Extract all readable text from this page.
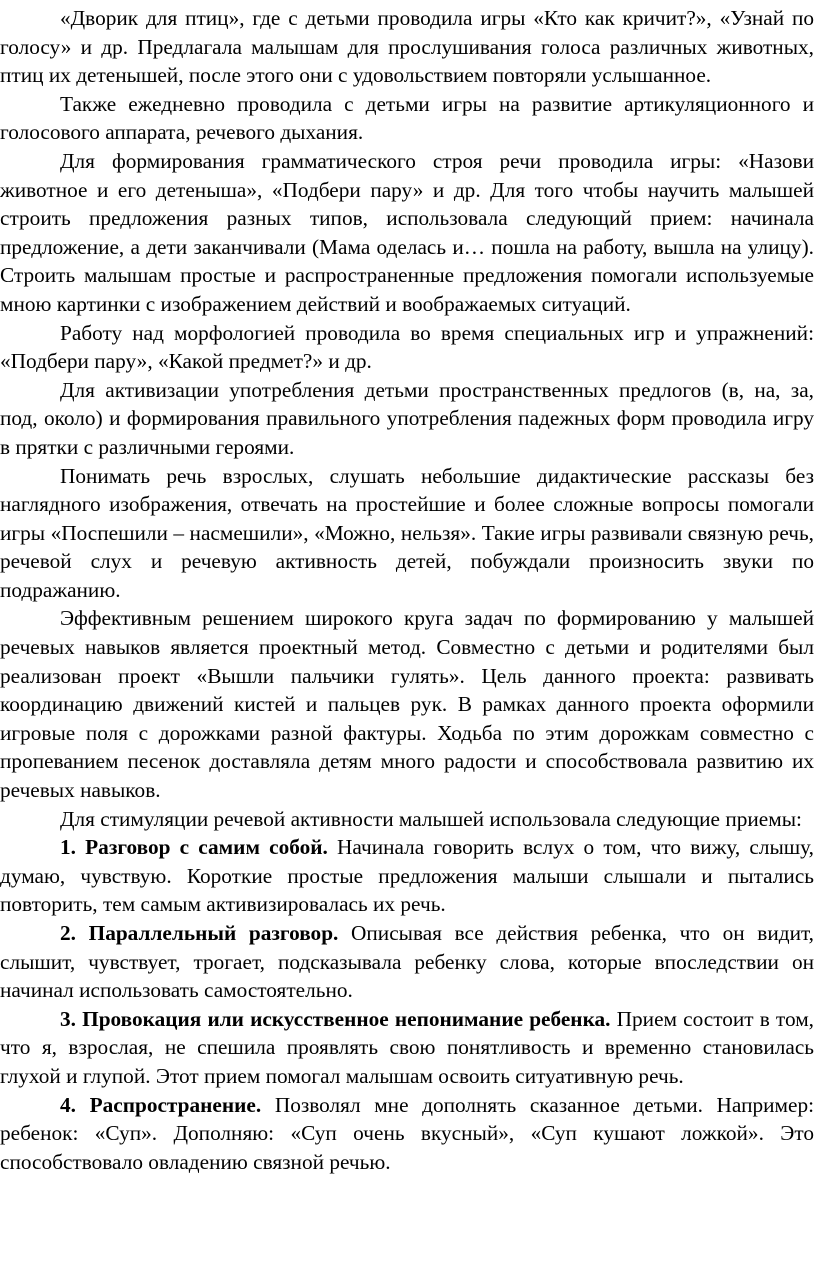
«Дворик для птиц», где с детьми проводила игры «Кто как кричит?», «Узнай по голосу» и др. Предлагала малышам для прослушивания голоса различных животных, птиц их детенышей, после этого они с удовольствием повторяли услышанное.

Также ежедневно проводила с детьми игры на развитие артикуляционного и голосового аппарата, речевого дыхания.

Для формирования грамматического строя речи проводила игры: «Назови животное и его детеныша», «Подбери пару» и др. Для того чтобы научить малышей строить предложения разных типов, использовала следующий прием: начинала предложение, а дети заканчивали (Мама оделась и… пошла на работу, вышла на улицу). Строить малышам простые и распространенные предложения помогали используемые мною картинки с изображением действий и воображаемых ситуаций.

Работу над морфологией проводила во время специальных игр и упражнений: «Подбери пару», «Какой предмет?» и др.

Для активизации употребления детьми пространственных предлогов (в, на, за, под, около) и формирования правильного употребления падежных форм проводила игру в прятки с различными героями.

Понимать речь взрослых, слушать небольшие дидактические рассказы без наглядного изображения, отвечать на простейшие и более сложные вопросы помогали игры «Поспешили – насмешили», «Можно, нельзя». Такие игры развивали связную речь, речевой слух и речевую активность детей, побуждали произносить звуки по подражанию.

Эффективным решением широкого круга задач по формированию у малышей речевых навыков является проектный метод. Совместно с детьми и родителями был реализован проект «Вышли пальчики гулять». Цель данного проекта: развивать координацию движений кистей и пальцев рук. В рамках данного проекта оформили игровые поля с дорожками разной фактуры. Ходьба по этим дорожкам совместно с пропеванием песенок доставляла детям много радости и способствовала развитию их речевых навыков.

Для стимуляции речевой активности малышей использовала следующие приемы:

1. Разговор с самим собой. Начинала говорить вслух о том, что вижу, слышу, думаю, чувствую. Короткие простые предложения малыши слышали и пытались повторить, тем самым активизировалась их речь.

2. Параллельный разговор. Описывая все действия ребенка, что он видит, слышит, чувствует, трогает, подсказывала ребенку слова, которые впоследствии он начинал использовать самостоятельно.

3. Провокация или искусственное непонимание ребенка. Прием состоит в том, что я, взрослая, не спешила проявлять свою понятливость и временно становилась глухой и глупой. Этот прием помогал малышам освоить ситуативную речь.

4. Распространение. Позволял мне дополнять сказанное детьми. Например: ребенок: «Суп». Дополняю: «Суп очень вкусный», «Суп кушают ложкой». Это способствовало овладению связной речью.
